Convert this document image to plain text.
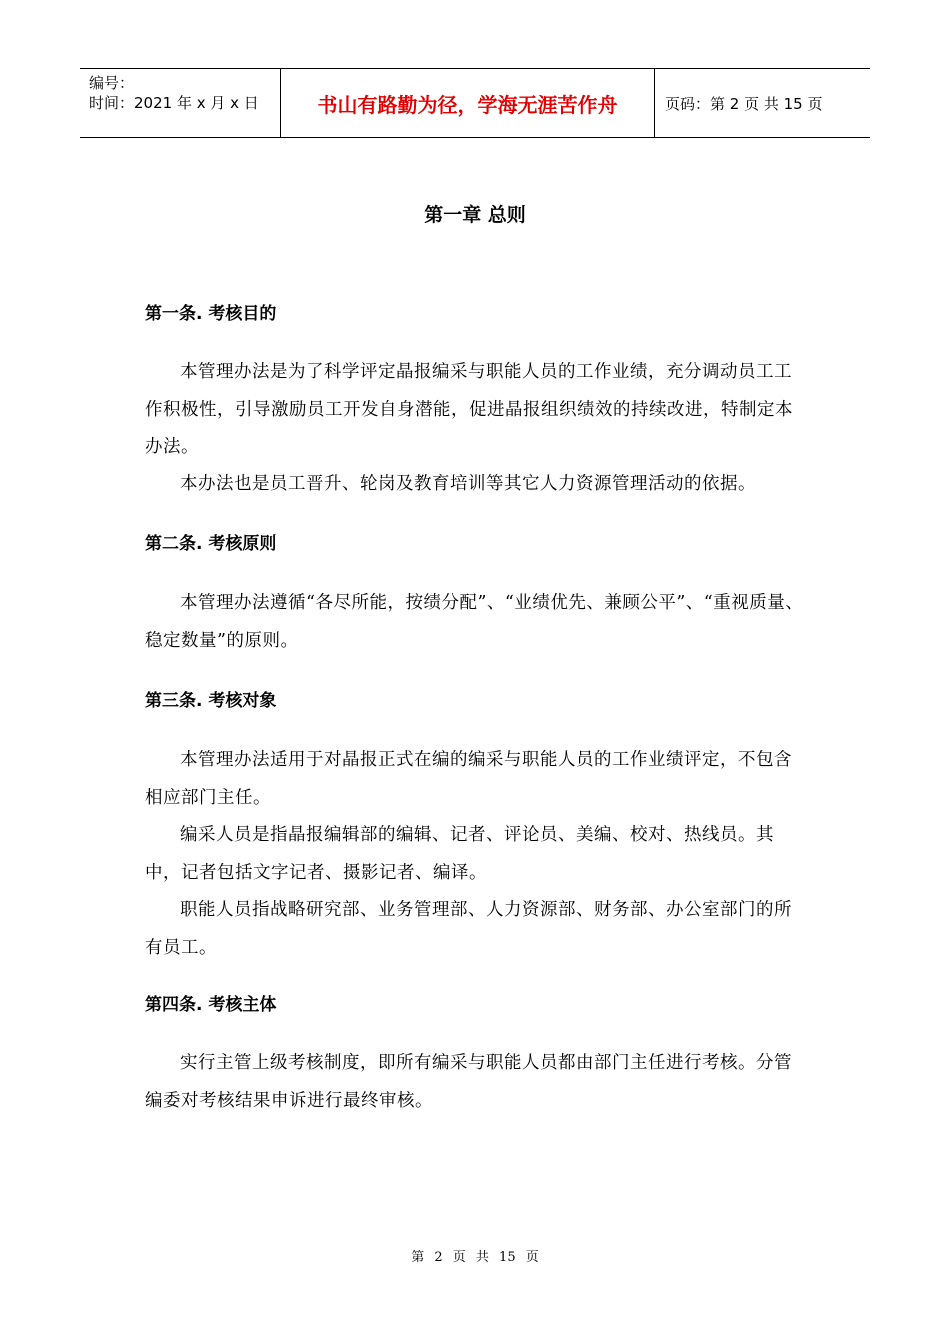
编号：
时间：2021 年 x 月 x 日	书山有路勤为径，学海无涯苦作舟	页码：第 2 页 共 15 页
第一章 总则
第一条. 考核目的
本管理办法是为了科学评定晶报编采与职能人员的工作业绩，充分调动员工工作积极性，引导激励员工开发自身潜能，促进晶报组织绩效的持续改进，特制定本办法。
本办法也是员工晋升、轮岗及教育培训等其它人力资源管理活动的依据。
第二条. 考核原则
本管理办法遵循“各尽所能，按绩分配”、“业绩优先、兼顾公平”、“重视质量、稳定数量”的原则。
第三条. 考核对象
本管理办法适用于对晶报正式在编的编采与职能人员的工作业绩评定，不包含相应部门主任。
编采人员是指晶报编辑部的编辑、记者、评论员、美编、校对、热线员。其中，记者包括文字记者、摄影记者、编译。
职能人员指战略研究部、业务管理部、人力资源部、财务部、办公室部门的所有员工。
第四条. 考核主体
实行主管上级考核制度，即所有编采与职能人员都由部门主任进行考核。分管编委对考核结果申诉进行最终审核。
第 2 页 共 15 页
